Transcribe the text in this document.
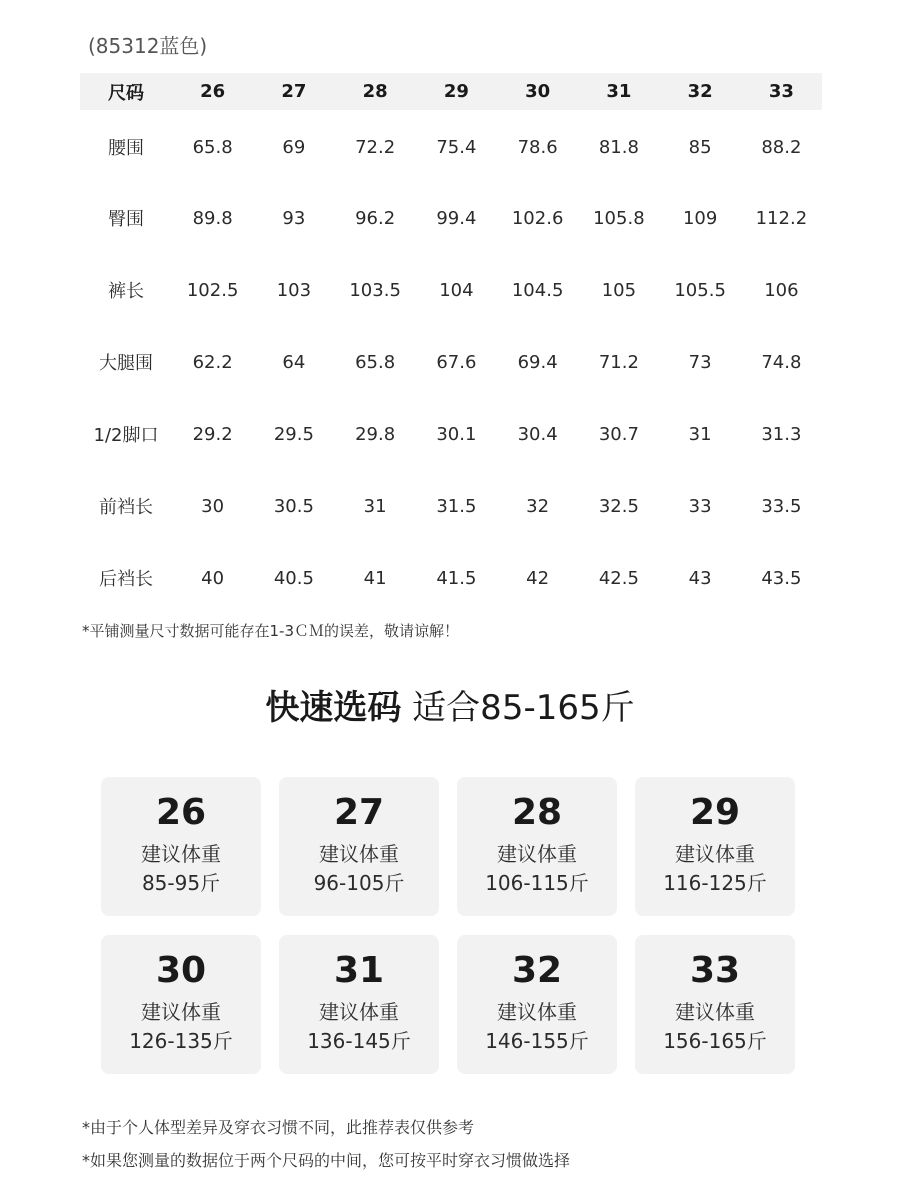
(85312蓝色)
尺码	26	27	28	29	30	31	32	33
腰围	65.8	69	72.2	75.4	78.6	81.8	85	88.2
臀围	89.8	93	96.2	99.4	102.6	105.8	109	112.2
裤长	102.5	103	103.5	104	104.5	105	105.5	106
大腿围	62.2	64	65.8	67.6	69.4	71.2	73	74.8
1/2脚口	29.2	29.5	29.8	30.1	30.4	30.7	31	31.3
前裆长	30	30.5	31	31.5	32	32.5	33	33.5
后裆长	40	40.5	41	41.5	42	42.5	43	43.5
*平铺测量尺寸数据可能存在1-3ＣＭ的误差，敬请谅解！
快速选码 适合85-165斤
26
建议体重
85-95斤
27
建议体重
96-105斤
28
建议体重
106-115斤
29
建议体重
116-125斤
30
建议体重
126-135斤
31
建议体重
136-145斤
32
建议体重
146-155斤
33
建议体重
156-165斤
*由于个人体型差异及穿衣习惯不同，此推荐表仅供参考
*如果您测量的数据位于两个尺码的中间，您可按平时穿衣习惯做选择
